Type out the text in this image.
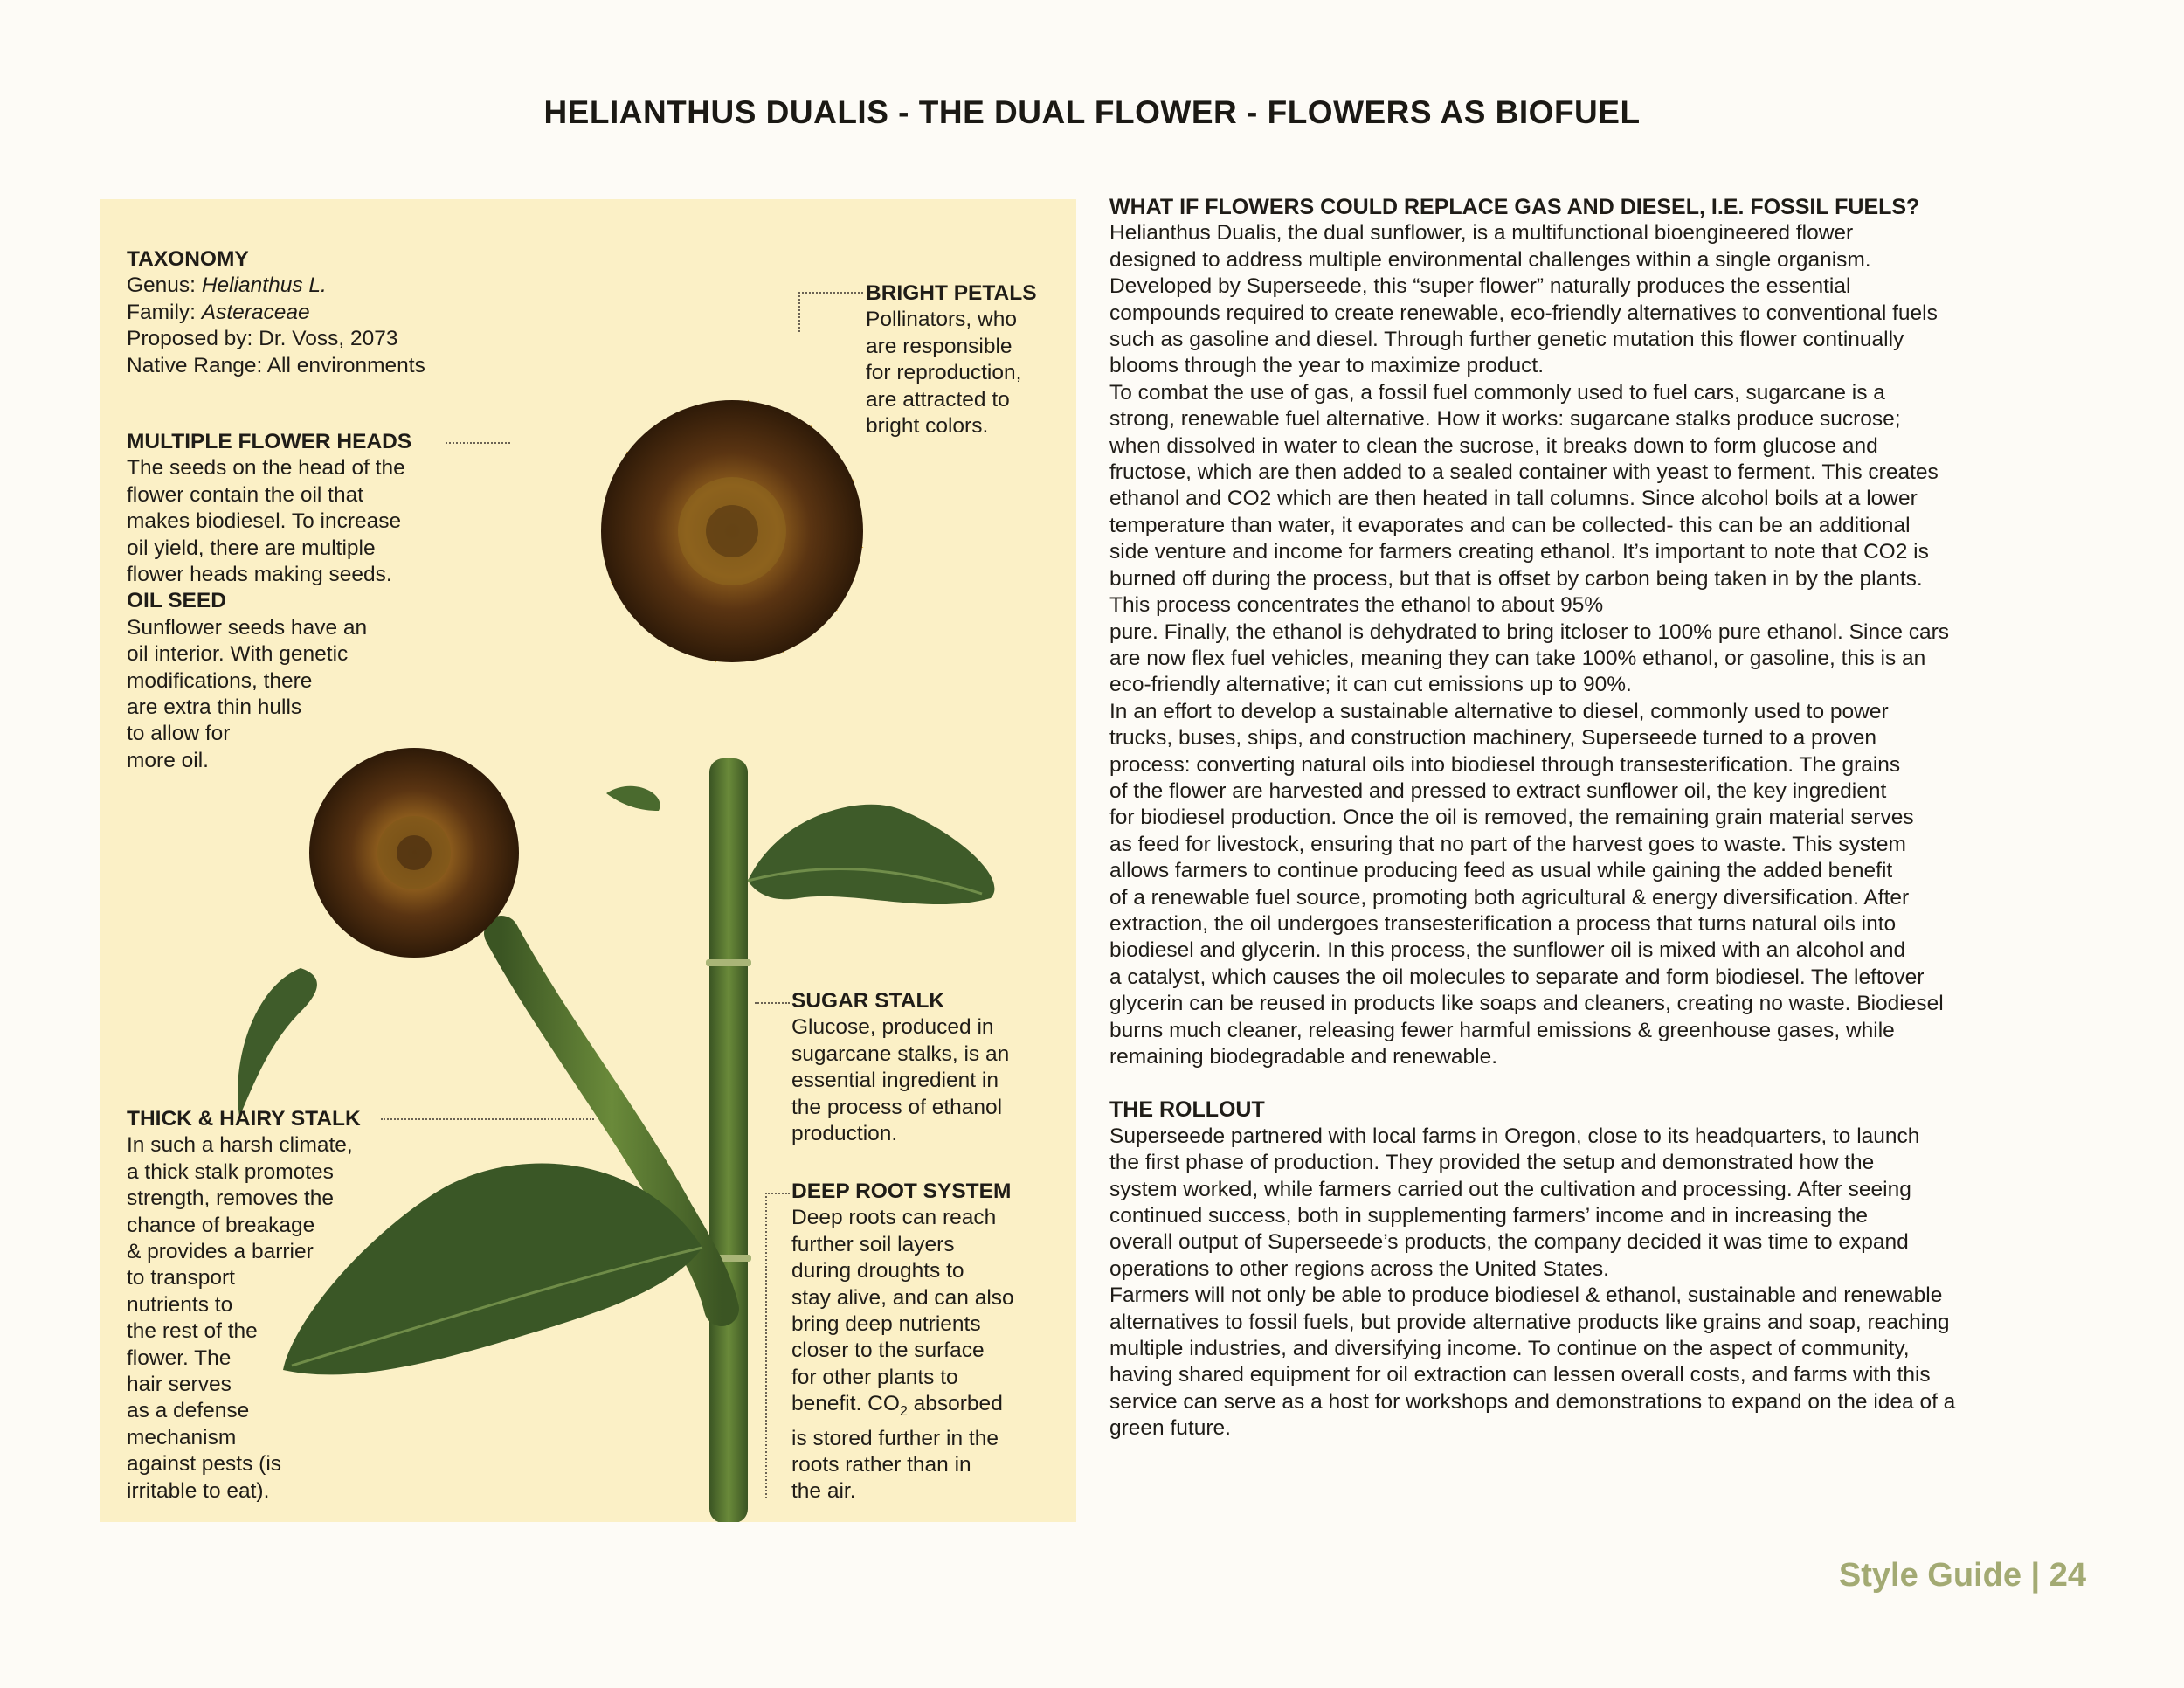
HELIANTHUS DUALIS - THE DUAL FLOWER - FLOWERS AS BIOFUEL
TAXONOMY
Genus: Helianthus L.
Family: Asteraceae
Proposed by: Dr. Voss, 2073
Native Range: All environments
MULTIPLE FLOWER HEADS
The seeds on the head of the
flower contain the oil that
makes biodiesel. To increase
oil yield, there are multiple
flower heads making seeds.
OIL SEED
Sunflower seeds have an
oil interior. With genetic
modifications, there
are extra thin hulls
to allow for
more oil.
BRIGHT PETALS
Pollinators, who
are responsible
for reproduction,
are attracted to
bright colors.
SUGAR STALK
Glucose, produced in
sugarcane stalks, is an
essential ingredient in
the process of ethanol
production.
DEEP ROOT SYSTEM
Deep roots can reach
further soil layers
during droughts to
stay alive, and can also
bring deep nutrients
closer to the surface
for other plants to
benefit. $CO_2$ absorbed
is stored further in the
roots rather than in
the air.
THICK & HAIRY STALK
In such a harsh climate,
a thick stalk promotes
strength, removes the
chance of breakage
& provides a barrier
to transport
nutrients to
the rest of the
flower. The
hair serves
as a defense
mechanism
against pests (is
irritable to eat).
WHAT IF FLOWERS COULD REPLACE GAS AND DIESEL, I.E. FOSSIL FUELS?
Helianthus Dualis, the dual sunflower, is a multifunctional bioengineered flower
designed to address multiple environmental challenges within a single organism.
Developed by Superseede, this “super flower” naturally produces the essential
compounds required to create renewable, eco-friendly alternatives to conventional fuels
such as gasoline and diesel. Through further genetic mutation this flower continually
blooms through the year to maximize product.
To combat the use of gas, a fossil fuel commonly used to fuel cars, sugarcane is a
strong, renewable fuel alternative. How it works: sugarcane stalks produce sucrose;
when dissolved in water to clean the sucrose, it breaks down to form glucose and
fructose, which are then added to a sealed container with yeast to ferment. This creates
ethanol and CO2 which are then heated in tall columns. Since alcohol boils at a lower
temperature than water, it evaporates and can be collected- this can be an additional
side venture and income for farmers creating ethanol. It’s important to note that CO2 is
burned off during the process, but that is offset by carbon being taken in by the plants.
This process concentrates the ethanol to about 95%
pure. Finally, the ethanol is dehydrated to bring itcloser to 100% pure ethanol. Since cars
are now flex fuel vehicles, meaning they can take 100% ethanol, or gasoline, this is an
eco-friendly alternative; it can cut emissions up to 90%.
In an effort to develop a sustainable alternative to diesel, commonly used to power
trucks, buses, ships, and construction machinery, Superseede turned to a proven
process: converting natural oils into biodiesel through transesterification. The grains
of the flower are harvested and pressed to extract sunflower oil, the key ingredient
for biodiesel production. Once the oil is removed, the remaining grain material serves
as feed for livestock, ensuring that no part of the harvest goes to waste. This system
allows farmers to continue producing feed as usual while gaining the added benefit
of a renewable fuel source, promoting both agricultural & energy diversification. After
extraction, the oil undergoes transesterification a process that turns natural oils into
biodiesel and glycerin. In this process, the sunflower oil is mixed with an alcohol and
a catalyst, which causes the oil molecules to separate and form biodiesel. The leftover
glycerin can be reused in products like soaps and cleaners, creating no waste. Biodiesel
burns much cleaner, releasing fewer harmful emissions & greenhouse gases, while
remaining biodegradable and renewable.
THE ROLLOUT
Superseede partnered with local farms in Oregon, close to its headquarters, to launch
the first phase of production. They provided the setup and demonstrated how the
system worked, while farmers carried out the cultivation and processing. After seeing
continued success, both in supplementing farmers’ income and in increasing the
overall output of Superseede’s products, the company decided it was time to expand
operations to other regions across the United States.
Farmers will not only be able to produce biodiesel & ethanol, sustainable and renewable
alternatives to fossil fuels, but provide alternative products like grains and soap, reaching
multiple industries, and diversifying income. To continue on the aspect of community,
having shared equipment for oil extraction can lessen overall costs, and farms with this
service can serve as a host for workshops and demonstrations to expand on the idea of a
green future.
Style Guide | 24
